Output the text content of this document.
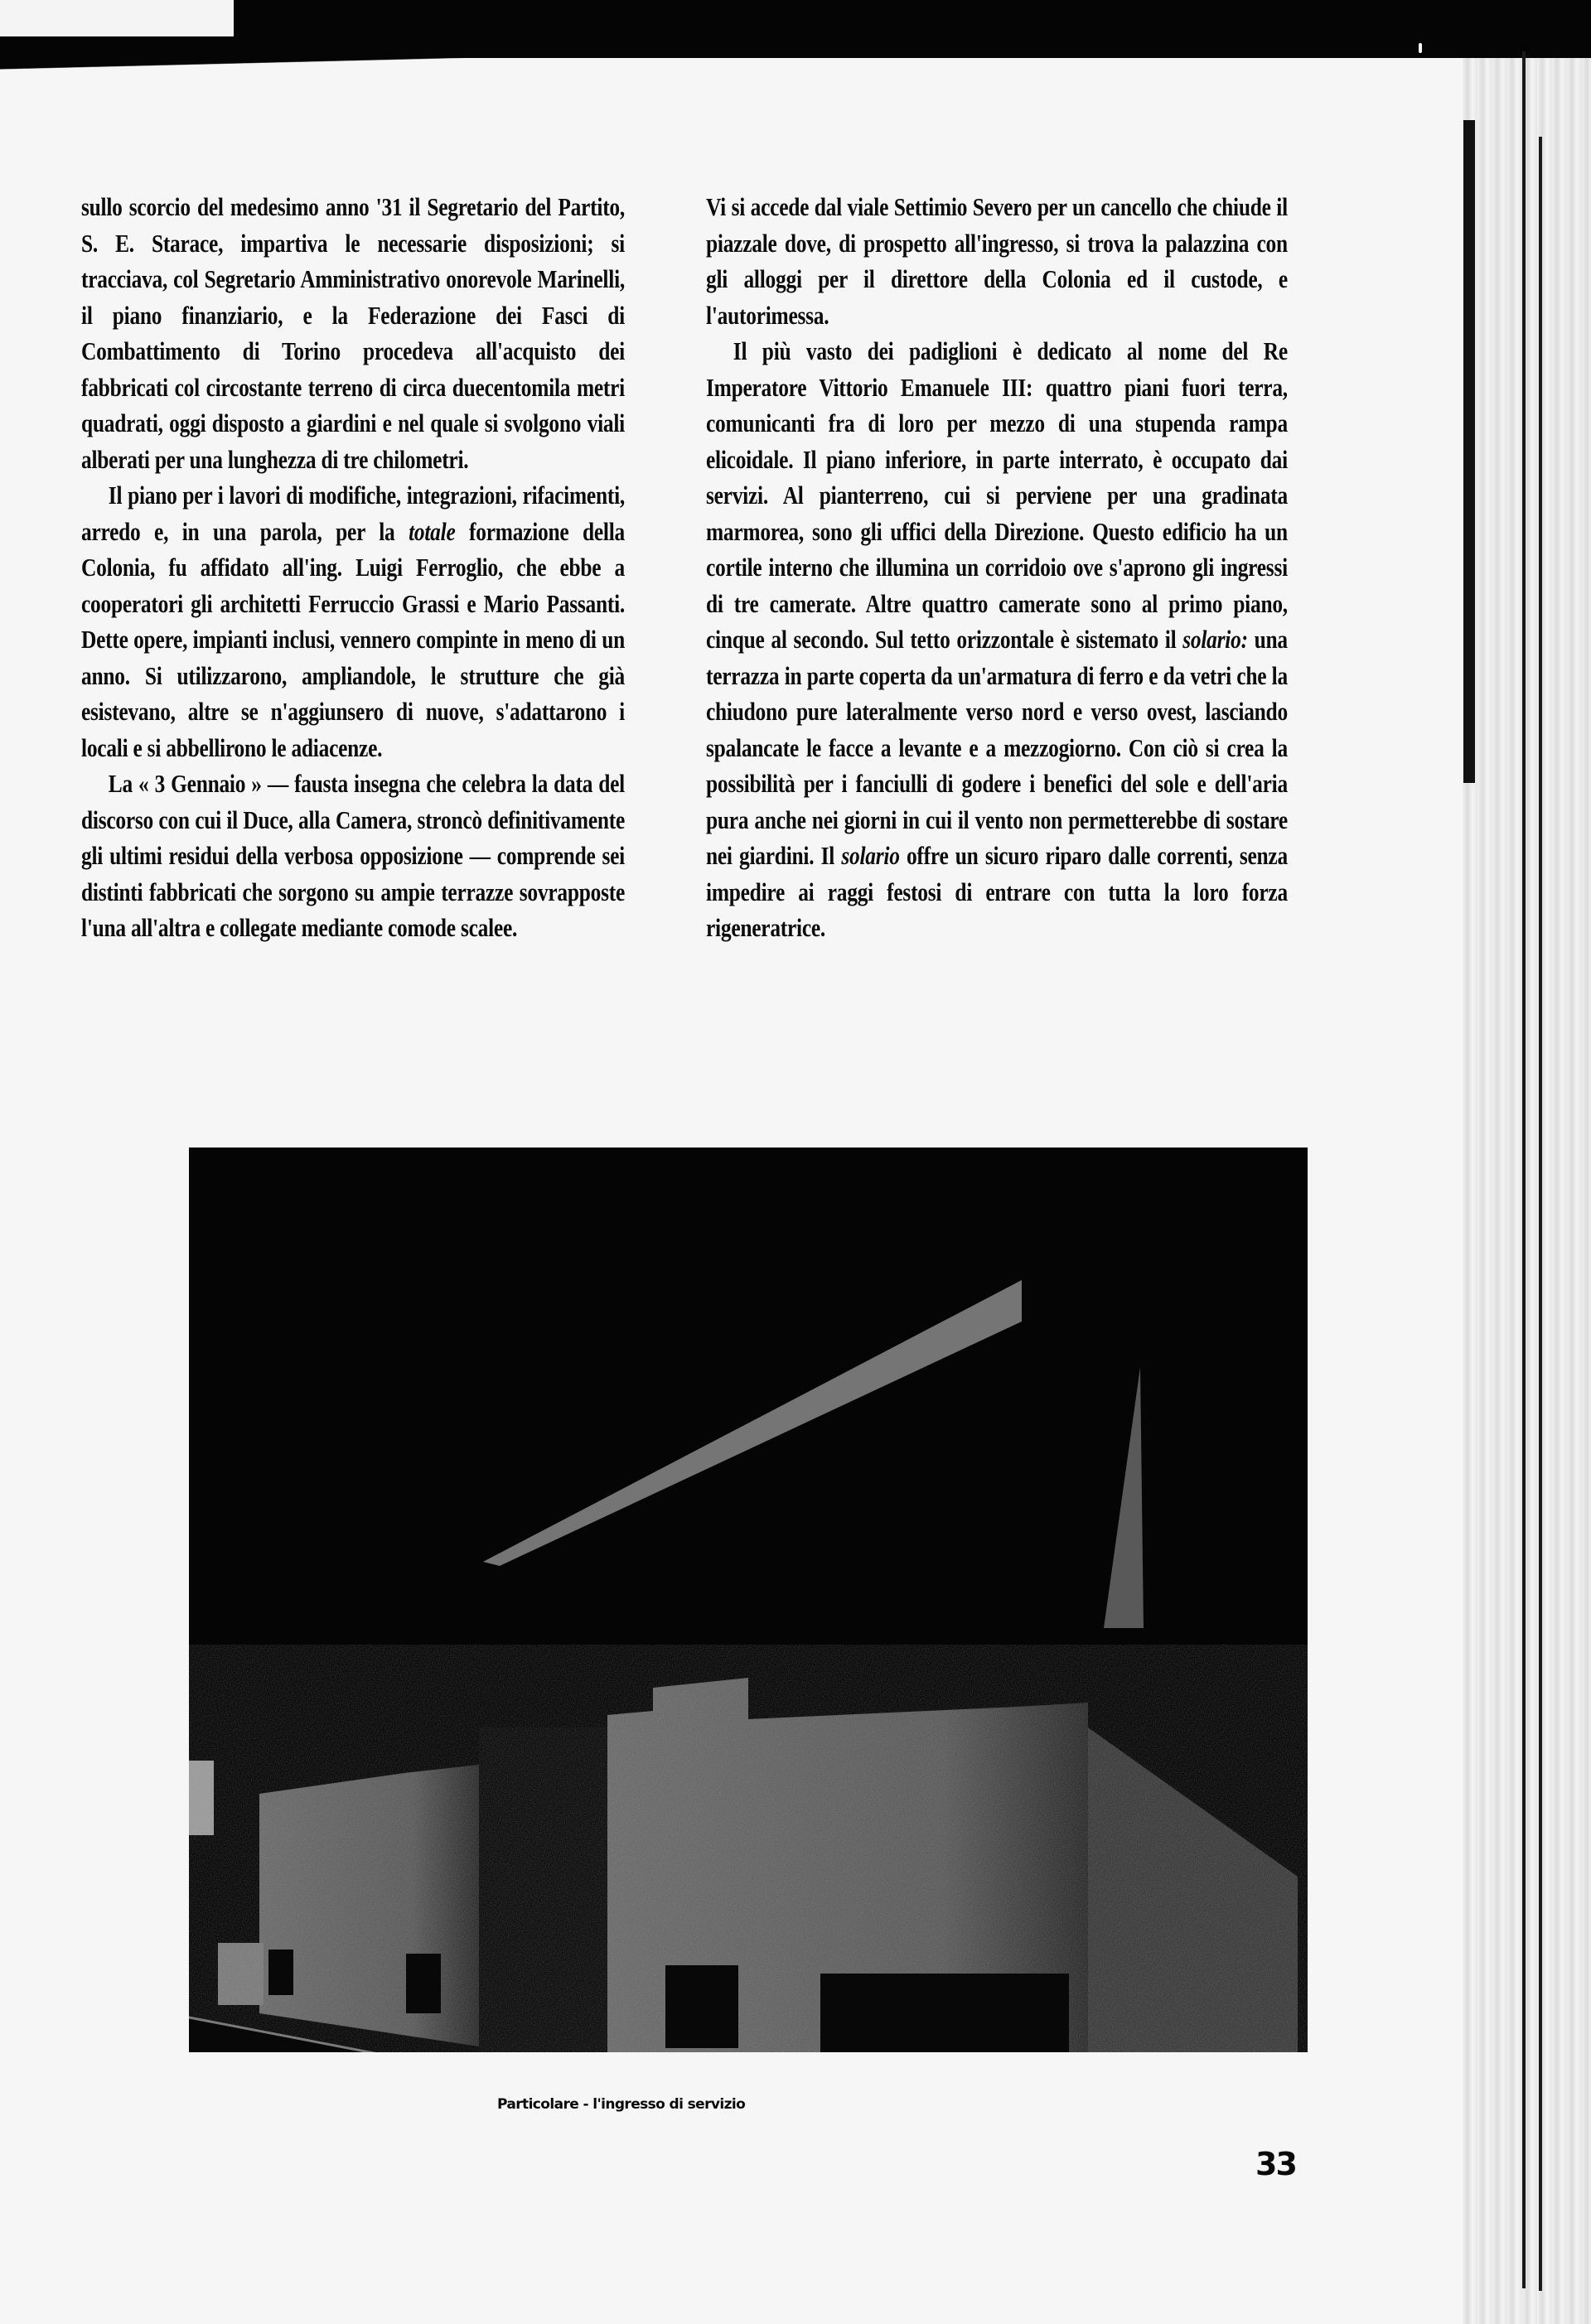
sullo scorcio del medesimo anno '31 il Segretario del Partito, S. E. Starace, impartiva le necessarie disposizioni; si tracciava, col Segretario Amministrativo onorevole Marinelli, il piano finanziario, e la Federazione dei Fasci di Combattimento di Torino procedeva all'acquisto dei fabbricati col circostante terreno di circa duecentomila metri quadrati, oggi disposto a giardini e nel quale si svolgono viali alberati per una lunghezza di tre chilometri.

Il piano per i lavori di modifiche, integrazioni, rifacimenti, arredo e, in una parola, per la totale formazione della Colonia, fu affidato all'ing. Luigi Ferroglio, che ebbe a cooperatori gli architetti Ferruccio Grassi e Mario Passanti. Dette opere, impianti inclusi, vennero compinte in meno di un anno. Si utilizzarono, ampliandole, le strutture che già esistevano, altre se n'aggiunsero di nuove, s'adattarono i locali e si abbellirono le adiacenze.

La « 3 Gennaio » — fausta insegna che celebra la data del discorso con cui il Duce, alla Camera, stroncò definitivamente gli ultimi residui della verbosa opposizione — comprende sei distinti fabbricati che sorgono su ampie terrazze sovrapposte l'una all'altra e collegate mediante comode scalee.

Vi si accede dal viale Settimio Severo per un cancello che chiude il piazzale dove, di prospetto all'ingresso, si trova la palazzina con gli alloggi per il direttore della Colonia ed il custode, e l'autorimessa.

Il più vasto dei padiglioni è dedicato al nome del Re Imperatore Vittorio Emanuele III: quattro piani fuori terra, comunicanti fra di loro per mezzo di una stupenda rampa elicoidale. Il piano inferiore, in parte interrato, è occupato dai servizi. Al pianterreno, cui si perviene per una gradinata marmorea, sono gli uffici della Direzione. Questo edificio ha un cortile interno che illumina un corridoio ove s'aprono gli ingressi di tre camerate. Altre quattro camerate sono al primo piano, cinque al secondo. Sul tetto orizzontale è sistemato il solario: una terrazza in parte coperta da un'armatura di ferro e da vetri che la chiudono pure lateralmente verso nord e verso ovest, lasciando spalancate le facce a levante e a mezzogiorno. Con ciò si crea la possibilità per i fanciulli di godere i benefici del sole e dell'aria pura anche nei giorni in cui il vento non permetterebbe di sostare nei giardini. Il solario offre un sicuro riparo dalle correnti, senza impedire ai raggi festosi di entrare con tutta la loro forza rigeneratrice.

Particolare - l'ingresso di servizio
33
